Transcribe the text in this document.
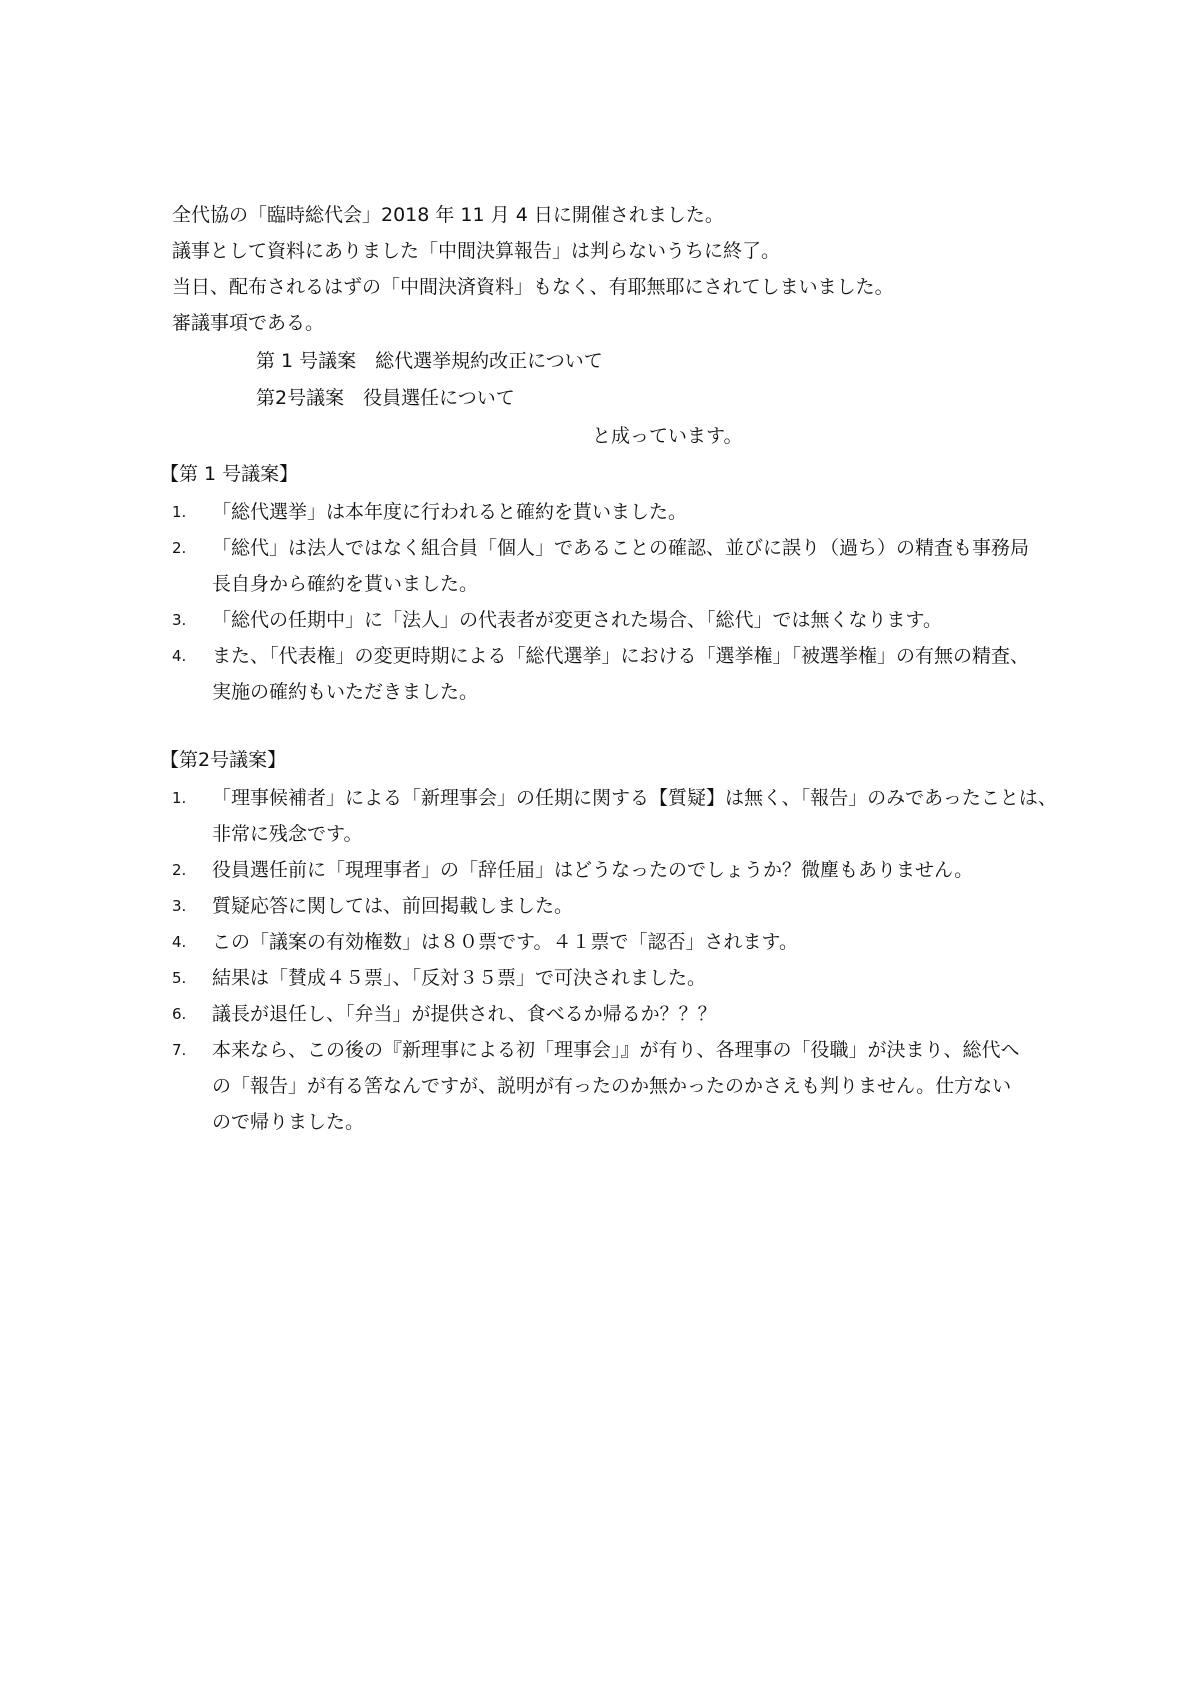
全代協の「臨時総代会」2018 年 11 月 4 日に開催されました。
議事として資料にありました「中間決算報告」は判らないうちに終了。
当日、配布されるはずの「中間決済資料」もなく、有耶無耶にされてしまいました。
審議事項である。
第 1 号議案　総代選挙規約改正について
第2号議案　役員選任について
と成っています。
【第 1 号議案】
1. 「総代選挙」は本年度に行われると確約を貰いました。
2. 「総代」は法人ではなく組合員「個人」であることの確認、並びに誤り（過ち）の精査も事務局
長自身から確約を貰いました。
3. 「総代の任期中」に「法人」の代表者が変更された場合、「総代」では無くなります。
4. また、「代表権」の変更時期による「総代選挙」における「選挙権」「被選挙権」の有無の精査、
実施の確約もいただきました。
【第2号議案】
1. 「理事候補者」による「新理事会」の任期に関する【質疑】は無く、「報告」のみであったことは、
非常に残念です。
2. 役員選任前に「現理事者」の「辞任届」はどうなったのでしょうか？微塵もありません。
3. 質疑応答に関しては、前回掲載しました。
4. この「議案の有効権数」は８０票です。４１票で「認否」されます。
5. 結果は「賛成４５票」、「反対３５票」で可決されました。
6. 議長が退任し、「弁当」が提供され、食べるか帰るか？？？
7. 本来なら、この後の『新理事による初「理事会」』が有り、各理事の「役職」が決まり、総代へ
の「報告」が有る筈なんですが、説明が有ったのか無かったのかさえも判りません。仕方ない
ので帰りました。
